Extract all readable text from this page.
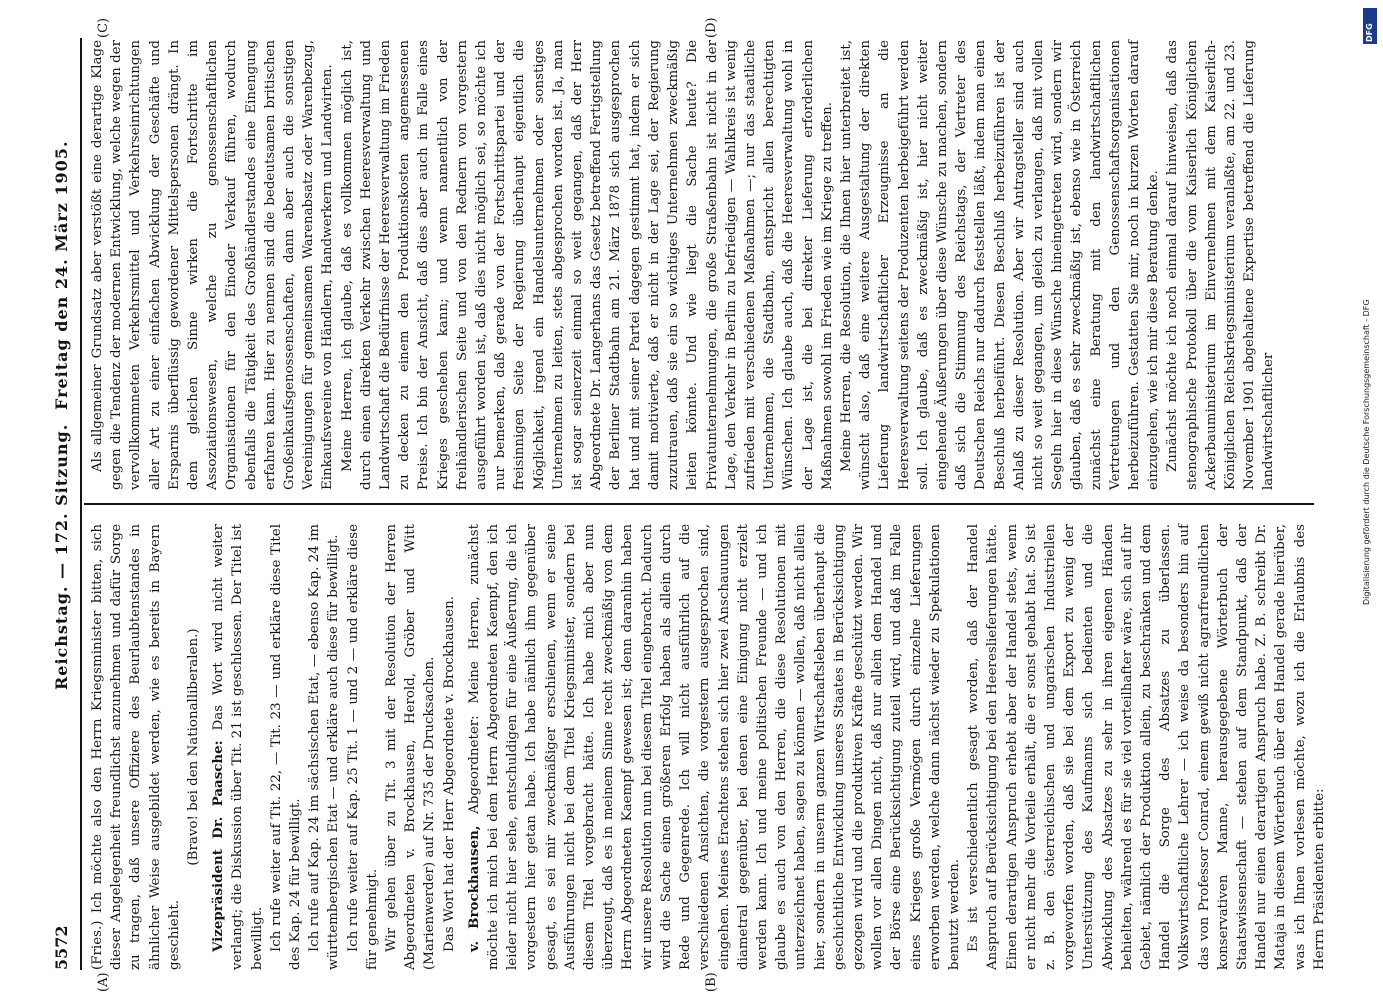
5572
Reichstag. — 172. Sitzung.
Freitag den 24. März 1905.
(A)	(B)
(C)	(D)

(Fries.) Ich möchte also den Herrn Kriegsminister bitten, sich dieser Angelegenheit freundlichst anzunehmen und dafür Sorge zu tragen, daß unsere Offiziere des Beurlaubtenstandes in ähnlicher Weise ausgebildet werden, wie es bereits in Bayern geschieht.

(Bravo! bei den Nationalliberalen.) Vizepräsident Dr. Paasche: Das Wort wird nicht weiter verlangt; die Diskussion über Tit. 21 ist geschlossen. Der Titel ist bewilligt. Ich rufe weiter auf Tit. 22, — Tit. 23 — und erkläre diese Titel des Kap. 24 für bewilligt. Ich rufe auf Kap. 24 im sächsischen Etat, — ebenso Kap. 24 im württembergischen Etat — und erkläre auch diese für bewilligt. Ich rufe weiter auf Kap. 25 Tit. 1 — und 2 — und erkläre diese für genehmigt. Wir gehen über zu Tit. 3 mit der Resolution der Herren Abgeordneten v. Brockhausen, Herold, Gröber und Witt (Marienwerder) auf Nr. 735 der Drucksachen. Das Wort hat der Herr Abgeordnete v. Brockhausen. v. Brockhausen, Abgeordneter: Meine Herren, zunächst möchte ich mich bei dem Herrn Abgeordneten Kaempf, den ich leider nicht hier sehe, entschuldigen für eine Äußerung, die ich vorgestern hier getan habe. Ich habe nämlich ihm gegenüber gesagt, es sei mir zweckmäßiger erschienen, wenn er seine Ausführungen nicht bei dem Titel Kriegsminister, sondern bei diesem Titel vorgebracht hätte. Ich habe mich aber nun überzeugt, daß es in meinem Sinne recht zweckmäßig von dem Herrn Abgeordneten Kaempf gewesen ist; denn daranhin haben wir unsere Resolution nun bei diesem Titel eingebracht. Dadurch wird die Sache einen größeren Erfolg haben als allein durch Rede und Gegenrede. Ich will nicht ausführlich auf die verschiedenen Ansichten, die vorgestern ausgesprochen sind, eingehen. Meines Erachtens stehen sich hier zwei Anschauungen diametral gegenüber, bei denen eine Einigung nicht erzielt werden kann. Ich und meine politischen Freunde — und ich glaube es auch von den Herren, die diese Resolutionen mit unterzeichnet haben, sagen zu können — wollen, daß nicht allein hier, sondern in unserm ganzen Wirtschaftsleben überhaupt die geschichtliche Entwicklung unseres Staates in Berücksichtigung gezogen wird und die produktiven Kräfte geschützt werden. Wir wollen vor allen Dingen nicht, daß nur allein dem Handel und der Börse eine Berücksichtigung zuteil wird, und daß im Falle eines Krieges große Vermögen durch einzelne Lieferungen erworben werden, welche dann nächst wieder zu Spekulationen benutzt werden. Es ist verschiedentlich gesagt worden, daß der Handel Anspruch auf Berücksichtigung bei den Heereslieferungen hätte. Einen derartigen Anspruch erhebt aber der Handel stets, wenn er nicht mehr die Vorteile erhält, die er sonst gehabt hat. So ist z. B. den österreichischen und ungarischen Industriellen vorgeworfen worden, daß sie bei dem Export zu wenig der Unterstützung des Kaufmanns sich bedienten und die Abwicklung des Absatzes zu sehr in ihren eigenen Händen behielten, während es für sie viel vorteilhafter wäre, sich auf ihr Gebiet, nämlich der Produktion allein, zu beschränken und dem Handel die Sorge des Absatzes zu überlassen. Volkswirtschaftliche Lehrer — ich weise da besonders hin auf das von Professor Conrad, einem gewiß nicht agrarfreundlichen konservativen Manne, herausgegebene Wörterbuch der Staatswissenschaft — stehen auf dem Standpunkt, daß der Handel nur einen derartigen Anspruch habe. Z. B. schreibt Dr. Matajа in diesem Wörterbuch über den Handel gerade hierüber, was ich Ihnen vorlesen möchte, wozu ich die Erlaubnis des Herrn Präsidenten erbitte:

Als allgemeiner Grundsatz aber verstößt eine derartige Klage gegen die Tendenz der modernen Entwicklung, welche wegen der vervollkommneten Verkehrsmittel und Verkehrseinrichtungen aller Art zu einer einfachen Abwicklung der Geschäfte und Ersparnis überflüssig gewordener Mittelspersonen drängt. In dem gleichen Sinne wirken die Fortschritte im Assoziationswesen, welche zu genossenschaftlichen Organisationen für den Einoder Verkauf führen, wodurch ebenfalls die Tätigkeit des Großhändlerstandes eine Einengung erfahren kann. Hier zu nennen sind die bedeutsamen britischen Großeinkaufsgenossenschaften, dann aber auch die sonstigen Vereinigungen für gemeinsamen Warenabsatz oder Warenbezug, Einkaufsvereine von Händlern, Handwerkern und Landwirten. Meine Herren, ich glaube, daß es vollkommen möglich ist, durch einen direkten Verkehr zwischen Heeresverwaltung und Landwirtschaft die Bedürfnisse der Heeresverwaltung im Frieden zu decken zu einem den Produktionskosten angemessenen Preise. Ich bin der Ansicht, daß dies aber auch im Falle eines Krieges geschehen kann; und wenn namentlich von der freihändlerischen Seite und von den Rednern von vorgestern ausgeführt worden ist, daß dies nicht möglich sei, so möchte ich nur bemerken, daß gerade von der Fortschrittspartei und der freisinnigen Seite der Regierung überhaupt eigentlich die Möglichkeit, irgend ein Handelsunternehmen oder sonstiges Unternehmen zu leiten, stets abgesprochen worden ist. Ja, man ist sogar seinerzeit einmal so weit gegangen, daß der Herr Abgeordnete Dr. Langerhans das Gesetz betreffend Fertigstellung der Berliner Stadtbahn am 21. März 1878 sich ausgesprochen hat und mit seiner Partei dagegen gestimmt hat, indem er sich damit motivierte, daß er nicht in der Lage sei, der Regierung zuzutrauen, daß sie ein so wichtiges Unternehmen zweckmäßig leiten könnte. Und wie liegt die Sache heute? Die Privatunternehmungen, die große Straßenbahn ist nicht in der Lage, den Verkehr in Berlin zu befriedigen — Wahlkreis ist wenig zufrieden mit verschiedenen Maßnahmen —; nur das staatliche Unternehmen, die Stadtbahn, entspricht allen berechtigten Wünschen. Ich glaube auch, daß die Heeresverwaltung wohl in der Lage ist, die bei direkter Lieferung erforderlichen Maßnahmen sowohl im Frieden wie im Kriege zu treffen. Meine Herren, die Resolution, die Ihnen hier unterbreitet ist, wünscht also, daß eine weitere Ausgestaltung der direkten Lieferung landwirtschaftlicher Erzeugnisse an die Heeresverwaltung seitens der Produzenten herbeigeführt werden soll. Ich glaube, daß es zweckmäßig ist, hier nicht weiter eingehende Äußerungen über diese Wünsche zu machen, sondern daß sich die Stimmung des Reichstags, der Vertreter des Deutschen Reichs nur dadurch feststellen läßt, indem man einen Beschluß herbeiführt. Diesen Beschluß herbeizuführen ist der Anlaß zu dieser Resolution. Aber wir Antragsteller sind auch nicht so weit gegangen, um gleich zu verlangen, daß mit vollen Segeln hier in diese Wünsche hineingetreten wird, sondern wir glauben, daß es sehr zweckmäßig ist, ebenso wie in Österreich zunächst eine Beratung mit den landwirtschaftlichen Vertretungen und den Genossenschaftsorganisationen herbeizuführen. Gestatten Sie mir, noch in kurzen Worten darauf einzugehen, wie ich mir diese Beratung denke. Zunächst möchte ich noch einmal darauf hinweisen, daß das stenographische Protokoll über die vom Kaiserlich Königlichen Ackerbauministerium im Einvernehmen mit dem Kaiserlich-Königlichen Reichskriegsministerium veranlaßte, am 22. und 23. November 1901 abgehaltene Expertise betreffend die Lieferung landwirtschaftlicher	Digitalisierung gefördert durch die Deutsche Forschungsgemeinschaft - DFG
DFG
